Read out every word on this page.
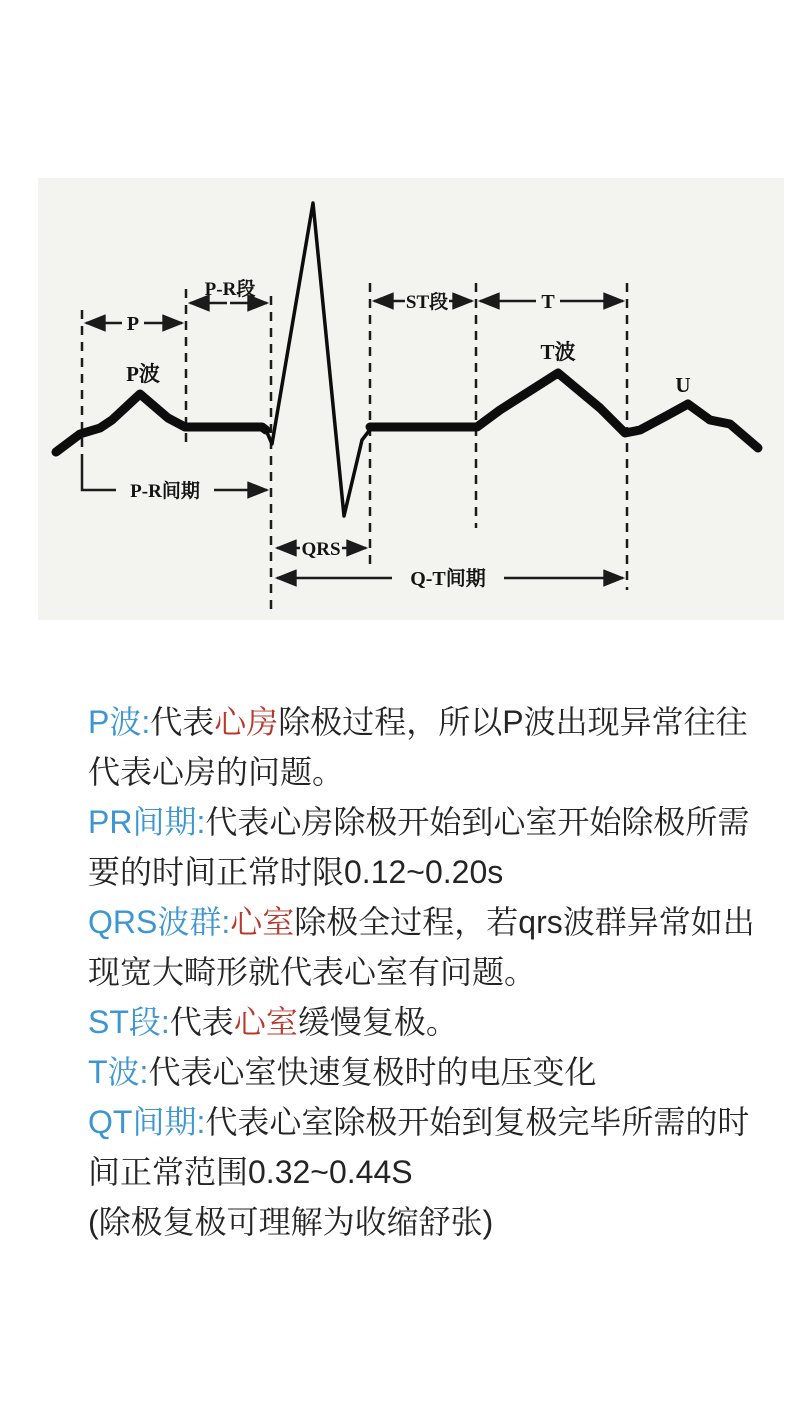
P
P-R段
P波
ST段	T
T波
U
P-R间期
QRS
Q-T间期
P波:代表心房除极过程，所以P波出现异常往往
代表心房的问题。
PR间期:代表心房除极开始到心室开始除极所需
要的时间正常时限0.12~0.20s
QRS波群:心室除极全过程，若qrs波群异常如出
现宽大畸形就代表心室有问题。
ST段:代表心室缓慢复极。
T波:代表心室快速复极时的电压变化
QT间期:代表心室除极开始到复极完毕所需的时
间正常范围0.32~0.44S
(除极复极可理解为收缩舒张)
